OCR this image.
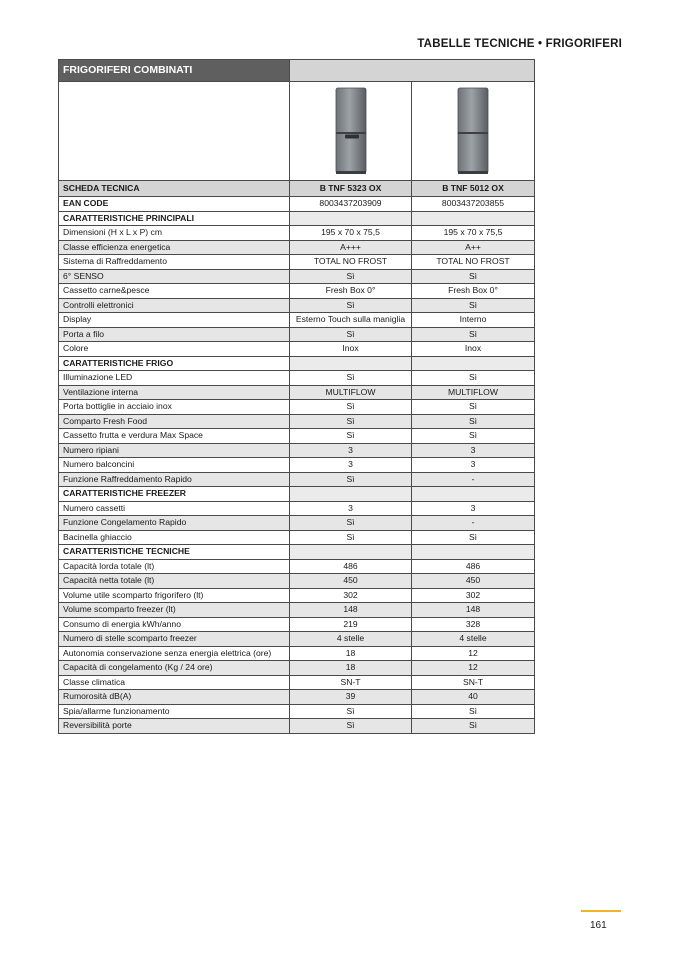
TABELLE TECNICHE • FRIGORIFERI
FRIGORIFERI COMBINATI		

SCHEDA TECNICA	B TNF 5323 OX	B TNF 5012 OX
EAN CODE	8003437203909	8003437203855
CARATTERISTICHE PRINCIPALI		
Dimensioni (H x L x P) cm	195 x 70 x 75,5	195 x 70 x 75,5
Classe efficienza energetica	A+++	A++
Sistema di Raffreddamento	TOTAL NO FROST	TOTAL NO FROST
6° SENSO	Sì	Sì
Cassetto carne&pesce	Fresh Box 0°	Fresh Box 0°
Controlli elettronici	Sì	Sì
Display	Esterno Touch sulla maniglia	Interno
Porta a filo	Sì	Sì
Colore	Inox	Inox
CARATTERISTICHE FRIGO		
Illuminazione LED	Sì	Sì
Ventilazione interna	MULTIFLOW	MULTIFLOW
Porta bottiglie in acciaio inox	Sì	Sì
Comparto Fresh Food	Sì	Sì
Cassetto frutta e verdura Max Space	Sì	Sì
Numero ripiani	3	3
Numero balconcini	3	3
Funzione Raffreddamento Rapido	Sì	-
CARATTERISTICHE FREEZER		
Numero cassetti	3	3
Funzione Congelamento Rapido	Sì	-
Bacinella ghiaccio	Sì	Sì
CARATTERISTICHE TECNICHE		
Capacità lorda totale (lt)	486	486
Capacità netta totale (lt)	450	450
Volume utile scomparto frigorifero (lt)	302	302
Volume scomparto freezer (lt)	148	148
Consumo di energia kWh/anno	219	328
Numero di stelle scomparto freezer	4 stelle	4 stelle
Autonomia conservazione senza energia elettrica (ore)	18	12
Capacità di congelamento (Kg / 24 ore)	18	12
Classe climatica	SN-T	SN-T
Rumorosità dB(A)	39	40
Spia/allarme funzionamento	Sì	Sì
Reversibilità porte	Sì	Sì
161
